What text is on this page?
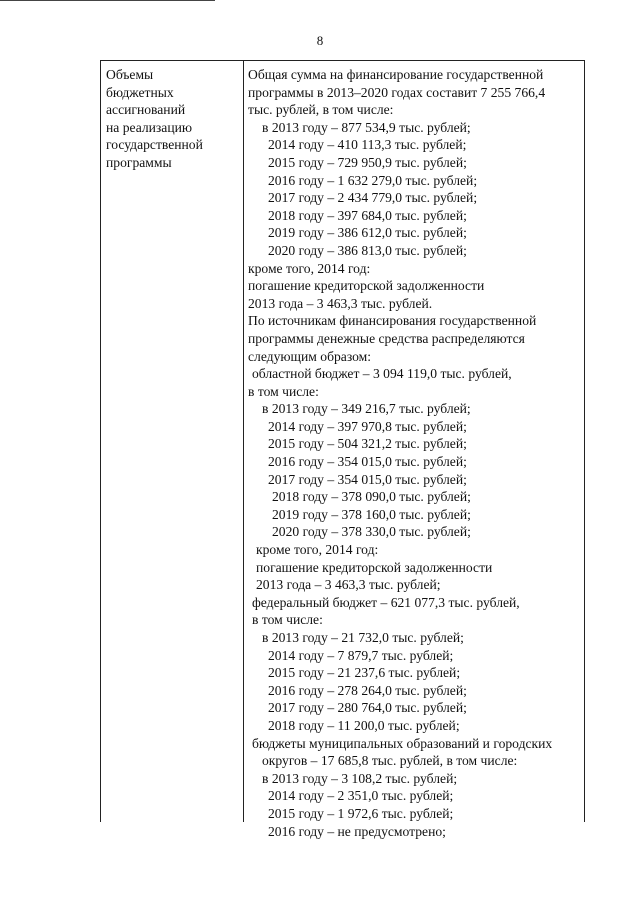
8
Объемы
бюджетных
ассигнований
на реализацию
государственной
программы
Общая сумма на финансирование государственной
программы в 2013–2020 годах составит 7 255 766,4
тыс. рублей, в том числе:
в 2013 году – 877 534,9 тыс. рублей;
2014 году – 410 113,3 тыс. рублей;
2015 году – 729 950,9 тыс. рублей;
2016 году – 1 632 279,0 тыс. рублей;
2017 году – 2 434 779,0 тыс. рублей;
2018 году – 397 684,0 тыс. рублей;
2019 году – 386 612,0 тыс. рублей;
2020 году – 386 813,0 тыс. рублей;
кроме того, 2014 год:
погашение кредиторской задолженности
2013 года – 3 463,3 тыс. рублей.
По источникам финансирования государственной
программы денежные средства распределяются
следующим образом:
областной бюджет – 3 094 119,0 тыс. рублей,
в том числе:
в 2013 году – 349 216,7 тыс. рублей;
2014 году – 397 970,8 тыс. рублей;
2015 году – 504 321,2 тыс. рублей;
2016 году – 354 015,0 тыс. рублей;
2017 году – 354 015,0 тыс. рублей;
2018 году – 378 090,0 тыс. рублей;
2019 году – 378 160,0 тыс. рублей;
2020 году – 378 330,0 тыс. рублей;
кроме того, 2014 год:
погашение кредиторской задолженности
2013 года – 3 463,3 тыс. рублей;
федеральный бюджет – 621 077,3 тыс. рублей,
в том числе:
в 2013 году – 21 732,0 тыс. рублей;
2014 году – 7 879,7 тыс. рублей;
2015 году – 21 237,6 тыс. рублей;
2016 году – 278 264,0 тыс. рублей;
2017 году – 280 764,0 тыс. рублей;
2018 году – 11 200,0 тыс. рублей;
бюджеты муниципальных образований и городских
округов – 17 685,8 тыс. рублей, в том числе:
в 2013 году – 3 108,2 тыс. рублей;
2014 году – 2 351,0 тыс. рублей;
2015 году – 1 972,6 тыс. рублей;
2016 году – не предусмотрено;
